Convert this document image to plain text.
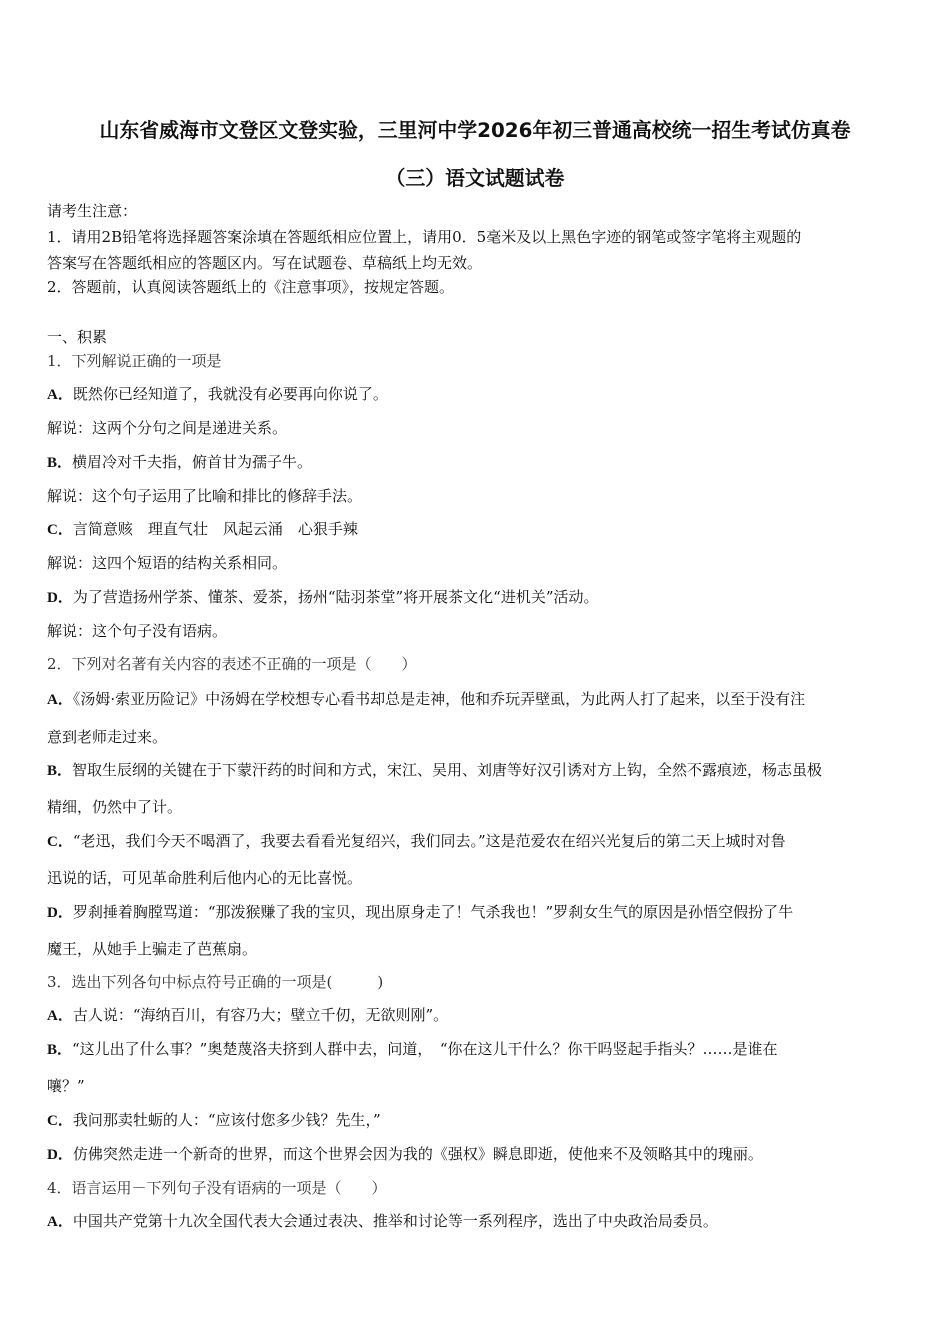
山东省威海市文登区文登实验，三里河中学2026年初三普通高校统一招生考试仿真卷
（三）语文试题试卷
请考生注意：
1．请用2B铅笔将选择题答案涂填在答题纸相应位置上，请用0．5毫米及以上黑色字迹的钢笔或签字笔将主观题的
答案写在答题纸相应的答题区内。写在试题卷、草稿纸上均无效。
2．答题前，认真阅读答题纸上的《注意事项》，按规定答题。
一、积累
1．下列解说正确的一项是
A．既然你已经知道了，我就没有必要再向你说了。
解说：这两个分句之间是递进关系。
B．横眉冷对千夫指，俯首甘为孺子牛。
解说：这个句子运用了比喻和排比的修辞手法。
C．言简意赅　理直气壮　风起云涌　心狠手辣
解说：这四个短语的结构关系相同。
D．为了营造扬州学茶、懂茶、爱茶，扬州“陆羽茶堂”将开展茶文化“进机关”活动。
解说：这个句子没有语病。
2．下列对名著有关内容的表述不正确的一项是（　　）
A．《汤姆·索亚历险记》中汤姆在学校想专心看书却总是走神，他和乔玩弄壁虱，为此两人打了起来，以至于没有注
意到老师走过来。
B．智取生辰纲的关键在于下蒙汗药的时间和方式，宋江、吴用、刘唐等好汉引诱对方上钩，全然不露痕迹，杨志虽极
精细，仍然中了计。
C．“老迅，我们今天不喝酒了，我要去看看光复绍兴，我们同去。”这是范爱农在绍兴光复后的第二天上城时对鲁
迅说的话，可见革命胜利后他内心的无比喜悦。
D．罗刹捶着胸膛骂道：“那泼猴赚了我的宝贝，现出原身走了！气杀我也！”罗刹女生气的原因是孙悟空假扮了牛
魔王，从她手上骗走了芭蕉扇。
3．选出下列各句中标点符号正确的一项是(　　　)
A．古人说：“海纳百川，有容乃大；壁立千仞，无欲则刚”。
B．“这儿出了什么事？”奥楚蔑洛夫挤到人群中去，问道，　“你在这儿干什么？你干吗竖起手指头？……是谁在
嚷？”
C．我问那卖牡蛎的人：“应该付您多少钱？先生，”
D．仿佛突然走进一个新奇的世界，而这个世界会因为我的《强权》瞬息即逝，使他来不及领略其中的瑰丽。
4．语言运用－下列句子没有语病的一项是（　　）
A．中国共产党第十九次全国代表大会通过表决、推举和讨论等一系列程序，选出了中央政治局委员。
